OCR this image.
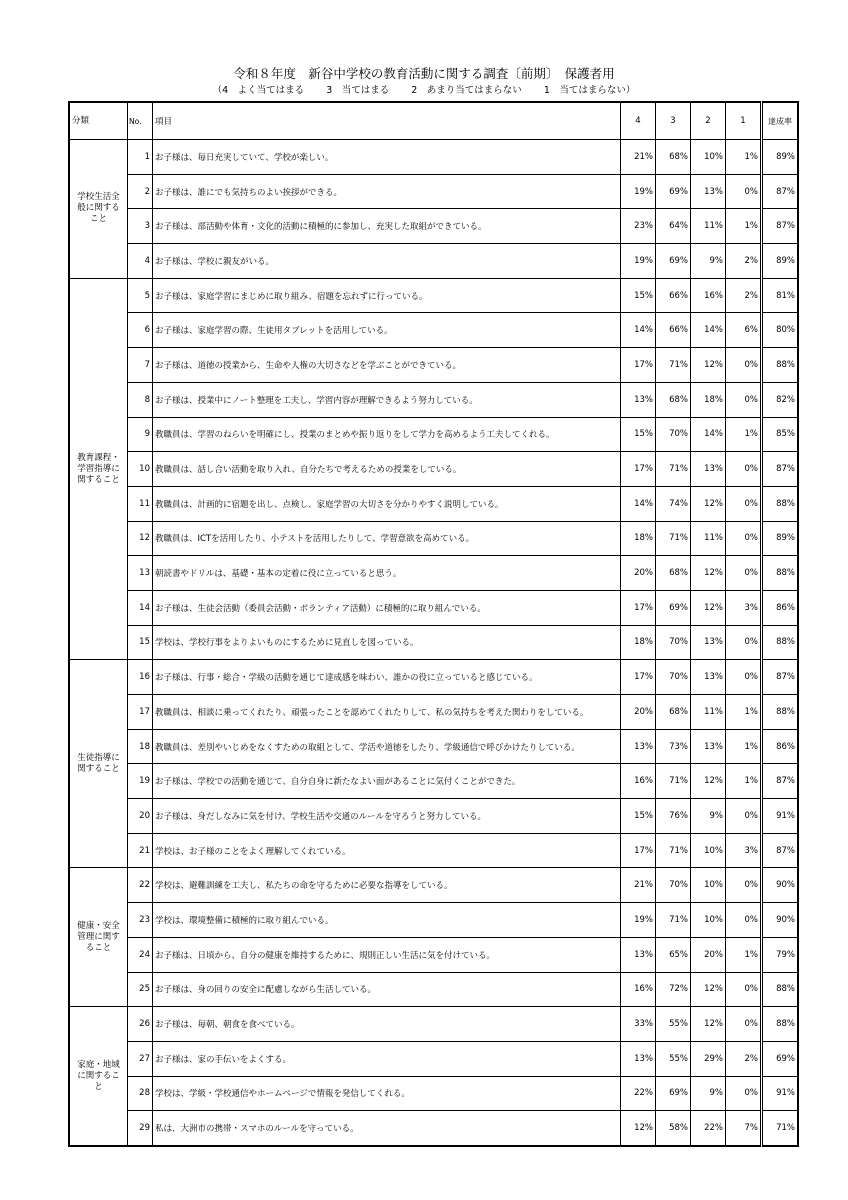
令和８年度　新谷中学校の教育活動に関する調査〔前期〕　保護者用
（4　よく当てはまる　　 3　当てはまる　　 2　あまり当てはまらない　　 1　当てはまらない）
分類	No.	項目	4	3	2	1	達成率
学校生活全般に関すること	1	お子様は、毎日充実していて、学校が楽しい。	21%	68%	10%	1%	89%
	2	お子様は、誰にでも気持ちのよい挨拶ができる。	19%	69%	13%	0%	87%
	3	お子様は、部活動や体育・文化的活動に積極的に参加し、充実した取組ができている。	23%	64%	11%	1%	87%
	4	お子様は、学校に親友がいる。	19%	69%	9%	2%	89%
教育課程・学習指導に関すること	5	お子様は、家庭学習にまじめに取り組み、宿題を忘れずに行っている。	15%	66%	16%	2%	81%
	6	お子様は、家庭学習の際、生徒用タブレットを活用している。	14%	66%	14%	6%	80%
	7	お子様は、道徳の授業から、生命や人権の大切さなどを学ぶことができている。	17%	71%	12%	0%	88%
	8	お子様は、授業中にノート整理を工夫し、学習内容が理解できるよう努力している。	13%	68%	18%	0%	82%
	9	教職員は、学習のねらいを明確にし、授業のまとめや振り返りをして学力を高めるよう工夫してくれる。	15%	70%	14%	1%	85%
	10	教職員は、話し合い活動を取り入れ、自分たちで考えるための授業をしている。	17%	71%	13%	0%	87%
	11	教職員は、計画的に宿題を出し、点検し、家庭学習の大切さを分かりやすく説明している。	14%	74%	12%	0%	88%
	12	教職員は、ICTを活用したり、小テストを活用したりして、学習意欲を高めている。	18%	71%	11%	0%	89%
	13	朝読書やドリルは、基礎・基本の定着に役に立っていると思う。	20%	68%	12%	0%	88%
	14	お子様は、生徒会活動（委員会活動・ボランティア活動）に積極的に取り組んでいる。	17%	69%	12%	3%	86%
	15	学校は、学校行事をよりよいものにするために見直しを図っている。	18%	70%	13%	0%	88%
生徒指導に関すること	16	お子様は、行事・総合・学級の活動を通じて達成感を味わい、誰かの役に立っていると感じている。	17%	70%	13%	0%	87%
	17	教職員は、相談に乗ってくれたり、頑張ったことを認めてくれたりして、私の気持ちを考えた関わりをしている。	20%	68%	11%	1%	88%
	18	教職員は、差別やいじめをなくすための取組として、学活や道徳をしたり、学級通信で呼びかけたりしている。	13%	73%	13%	1%	86%
	19	お子様は、学校での活動を通じて、自分自身に新たなよい面があることに気付くことができた。	16%	71%	12%	1%	87%
	20	お子様は、身だしなみに気を付け、学校生活や交通のルールを守ろうと努力している。	15%	76%	9%	0%	91%
	21	学校は、お子様のことをよく理解してくれている。	17%	71%	10%	3%	87%
健康・安全管理に関すること	22	学校は、避難訓練を工夫し、私たちの命を守るために必要な指導をしている。	21%	70%	10%	0%	90%
	23	学校は、環境整備に積極的に取り組んでいる。	19%	71%	10%	0%	90%
	24	お子様は、日頃から、自分の健康を維持するために、規則正しい生活に気を付けている。	13%	65%	20%	1%	79%
	25	お子様は、身の回りの安全に配慮しながら生活している。	16%	72%	12%	0%	88%
家庭・地域に関すること	26	お子様は、毎朝、朝食を食べている。	33%	55%	12%	0%	88%
	27	お子様は、家の手伝いをよくする。	13%	55%	29%	2%	69%
	28	学校は、学級・学校通信やホームページで情報を発信してくれる。	22%	69%	9%	0%	91%
	29	私は、大洲市の携帯・スマホのルールを守っている。	12%	58%	22%	7%	71%
